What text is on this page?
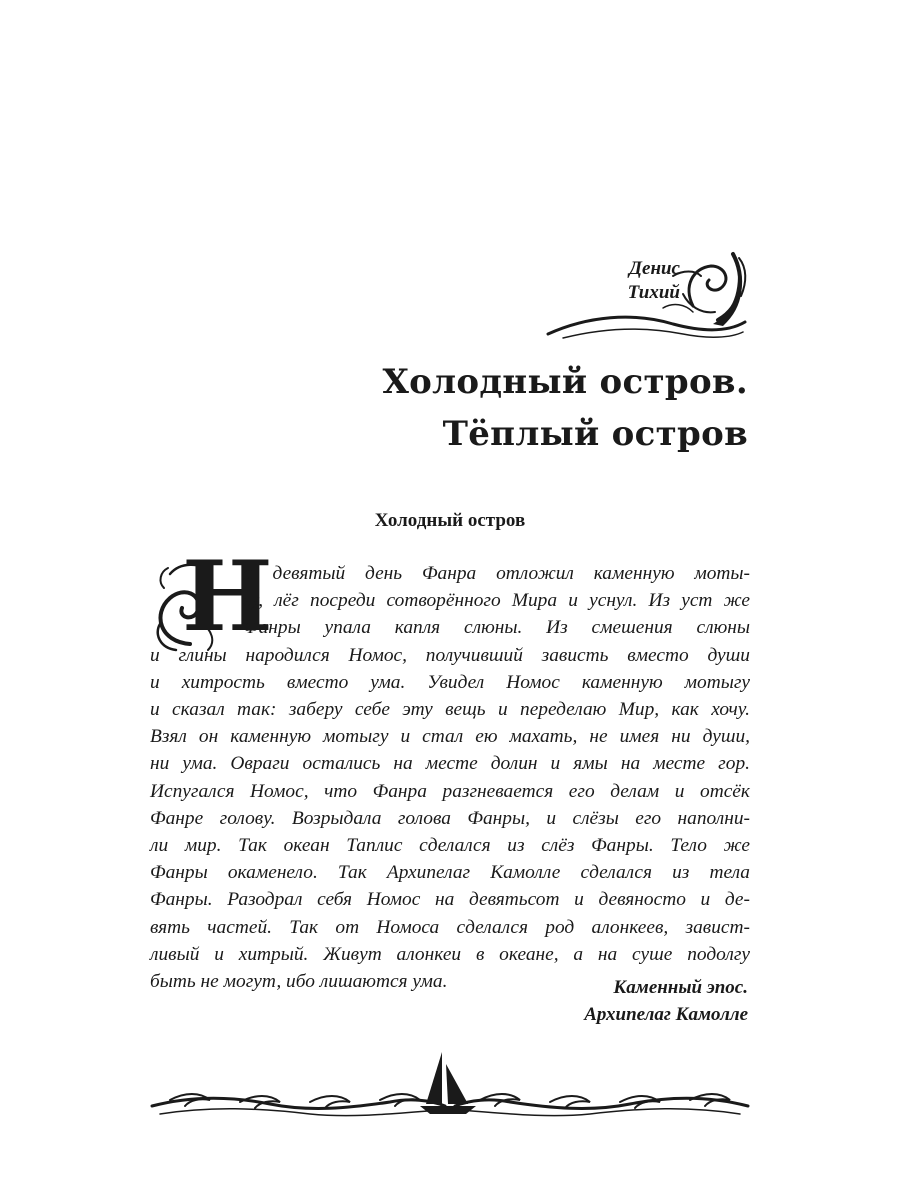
Денис
Тихий
Холодный остров.
Тёплый остров
Холодный остров
Н
а девятый день Фанра отложил каменную моты-
гу, лёг посреди сотворённого Мира и уснул. Из уст же
Фанры упала капля слюны. Из смешения слюны
и глины народился Номос, получивший зависть вместо души
и хитрость вместо ума. Увидел Номос каменную мотыгу
и сказал так: заберу себе эту вещь и переделаю Мир, как хочу.
Взял он каменную мотыгу и стал ею махать, не имея ни души,
ни ума. Овраги остались на месте долин и ямы на месте гор.
Испугался Номос, что Фанра разгневается его делам и отсёк
Фанре голову. Возрыдала голова Фанры, и слёзы его наполни-
ли мир. Так океан Таплис сделался из слёз Фанры. Тело же
Фанры окаменело. Так Архипелаг Камолле сделался из тела
Фанры. Разодрал себя Номос на девятьсот и девяносто и де-
вять частей. Так от Номоса сделался род алонкеев, завист-
ливый и хитрый. Живут алонкеи в океане, а на суше подолгу
быть не могут, ибо лишаются ума.	Каменный эпос.
Архипелаг Камолле
